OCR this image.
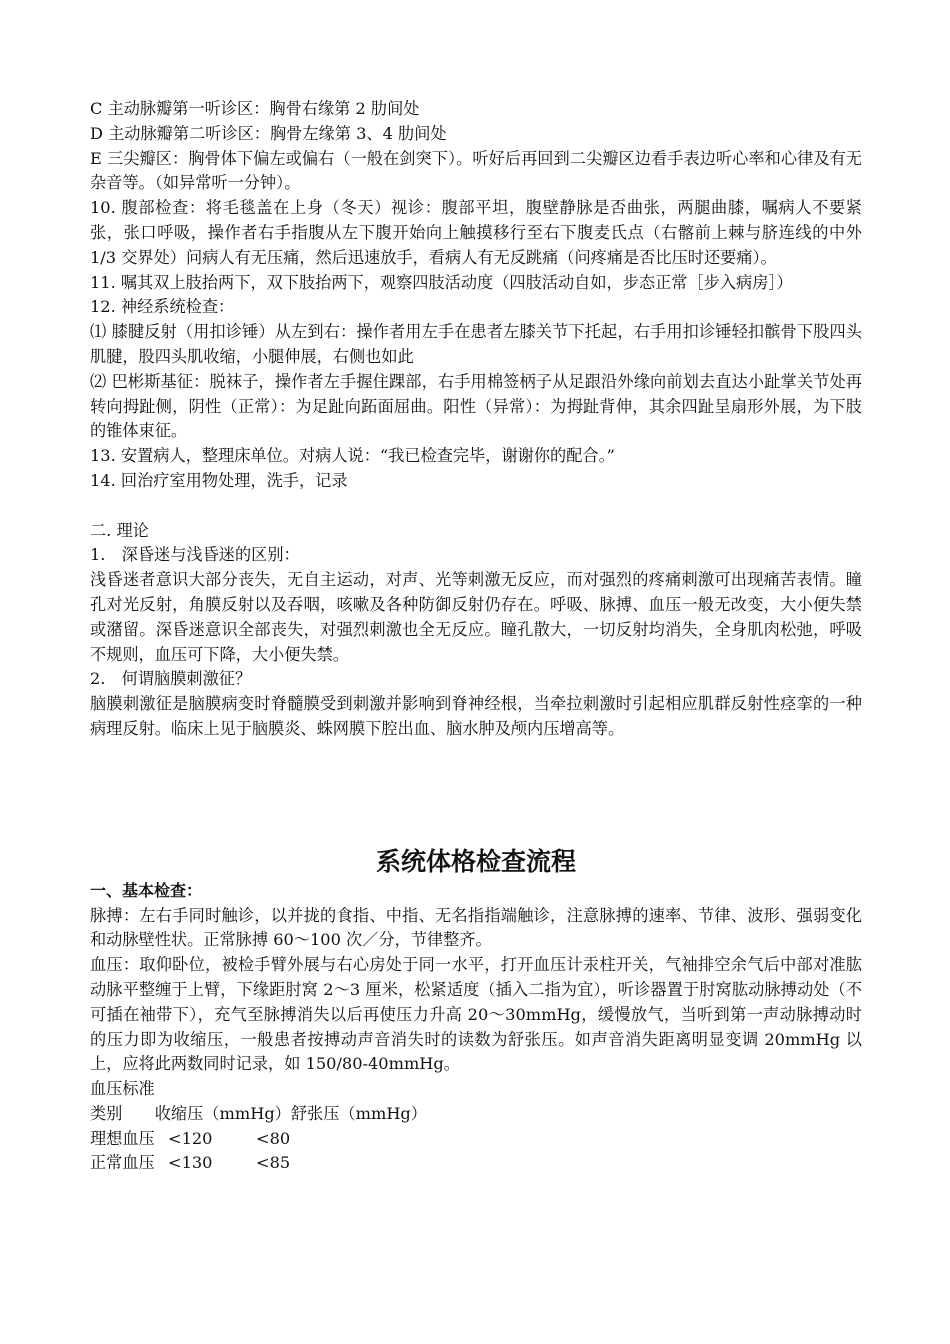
C 主动脉瓣第一听诊区：胸骨右缘第 2 肋间处
D 主动脉瓣第二听诊区：胸骨左缘第 3、4 肋间处

E 三尖瓣区：胸骨体下偏左或偏右（一般在剑突下）。听好后再回到二尖瓣区边看手表边听心率和心律及有无杂音等。（如异常听一分钟）。

10. 腹部检查：将毛毯盖在上身（冬天）视诊：腹部平坦，腹壁静脉是否曲张，两腿曲膝，嘱病人不要紧张，张口呼吸，操作者右手指腹从左下腹开始向上触摸移行至右下腹麦氏点（右髂前上棘与脐连线的中外 1/3 交界处）问病人有无压痛，然后迅速放手，看病人有无反跳痛（问疼痛是否比压时还要痛）。

11. 嘱其双上肢抬两下，双下肢抬两下，观察四肢活动度（四肢活动自如，步态正常［步入病房］）

12. 神经系统检查：

⑴ 膝腱反射（用扣诊锤）从左到右：操作者用左手在患者左膝关节下托起，右手用扣诊锤轻扣髌骨下股四头肌腱，股四头肌收缩，小腿伸展，右侧也如此

⑵ 巴彬斯基征：脱袜子，操作者左手握住踝部，右手用棉签柄子从足跟沿外缘向前划去直达小趾掌关节处再转向拇趾侧，阴性（正常）：为足趾向跖面屈曲。阳性（异常）：为拇趾背伸，其余四趾呈扇形外展，为下肢的锥体束征。

13. 安置病人，整理床单位。对病人说：“我已检查完毕，谢谢你的配合。”

14. 回治疗室用物处理，洗手，记录

二. 理论
1.　深昏迷与浅昏迷的区别：

浅昏迷者意识大部分丧失，无自主运动，对声、光等刺激无反应，而对强烈的疼痛刺激可出现痛苦表情。瞳孔对光反射，角膜反射以及吞咽，咳嗽及各种防御反射仍存在。呼吸、脉搏、血压一般无改变，大小便失禁或潴留。深昏迷意识全部丧失，对强烈刺激也全无反应。瞳孔散大，一切反射均消失，全身肌肉松弛，呼吸不规则，血压可下降，大小便失禁。

2.　何谓脑膜刺激征？

脑膜刺激征是脑膜病变时脊髓膜受到刺激并影响到脊神经根，当牵拉刺激时引起相应肌群反射性痉挛的一种病理反射。临床上见于脑膜炎、蛛网膜下腔出血、脑水肿及颅内压增高等。

系统体格检查流程
一、基本检查：

脉搏：左右手同时触诊，以并拢的食指、中指、无名指指端触诊，注意脉搏的速率、节律、波形、强弱变化和动脉壁性状。正常脉搏 60～100 次／分，节律整齐。

血压：取仰卧位，被检手臂外展与右心房处于同一水平，打开血压计汞柱开关，气袖排空余气后中部对准肱动脉平整缠于上臂，下缘距肘窝 2～3 厘米，松紧适度（插入二指为宜），听诊器置于肘窝肱动脉搏动处（不可插在袖带下），充气至脉搏消失以后再使压力升高 20～30mmHg，缓慢放气，当听到第一声动脉搏动时的压力即为收缩压，一般患者按搏动声音消失时的读数为舒张压。如声音消失距离明显变调 20mmHg 以上，应将此两数同时记录，如 150/80-40mmHg。

血压标准
类别　　收缩压（mmHg）舒张压（mmHg）
理想血压 <120	<80
正常血压 <130	<85
